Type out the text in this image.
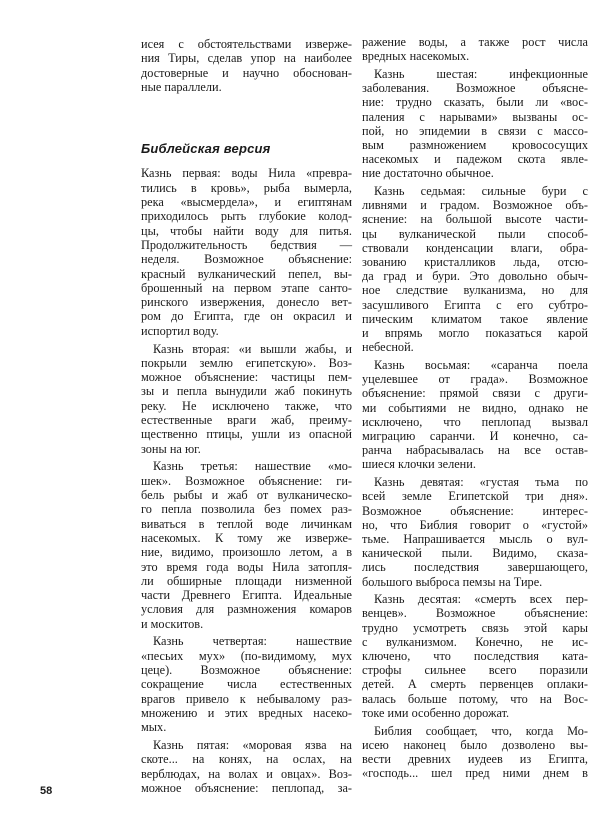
исея с обстоятельствами изверже-
ния Тиры, сделав упор на наиболее
достоверные и научно обоснован-
ные параллели.
Библейская версия
Казнь первая: воды Нила «превра-
тились в кровь», рыба вымерла,
река «высмердела», и египтянам
приходилось рыть глубокие колод-
цы, чтобы найти воду для питья.
Продолжительность бедствия —
неделя. Возможное объяснение:
красный вулканический пепел, вы-
брошенный на первом этапе санто-
ринского извержения, донесло вет-
ром до Египта, где он окрасил и
испортил воду.
Казнь вторая: «и вышли жабы, и
покрыли землю египетскую». Воз-
можное объяснение: частицы пем-
зы и пепла вынудили жаб покинуть
реку. Не исключено также, что
естественные враги жаб, преиму-
щественно птицы, ушли из опасной
зоны на юг.
Казнь третья: нашествие «мо-
шек». Возможное объяснение: ги-
бель рыбы и жаб от вулканическо-
го пепла позволила без помех раз-
виваться в теплой воде личинкам
насекомых. К тому же изверже-
ние, видимо, произошло летом, а в
это время года воды Нила затопля-
ли обширные площади низменной
части Древнего Египта. Идеальные
условия для размножения комаров
и москитов.
Казнь четвертая: нашествие
«песьих мух» (по-видимому, мух
цеце). Возможное объяснение:
сокращение числа естественных
врагов привело к небывалому раз-
множению и этих вредных насеко-
мых.
Казнь пятая: «моровая язва на
скоте... на конях, на ослах, на
верблюдах, на волах и овцах». Воз-
можное объяснение: пеплопад, за-
ражение воды, а также рост числа
вредных насекомых.
Казнь шестая: инфекционные
заболевания. Возможное объясне-
ние: трудно сказать, были ли «вос-
паления с нарывами» вызваны ос-
пой, но эпидемии в связи с массо-
вым размножением кровососущих
насекомых и падежом скота явле-
ние достаточно обычное.
Казнь седьмая: сильные бури с
ливнями и градом. Возможное объ-
яснение: на большой высоте части-
цы вулканической пыли способ-
ствовали конденсации влаги, обра-
зованию кристалликов льда, отсю-
да град и бури. Это довольно обыч-
ное следствие вулканизма, но для
засушливого Египта с его субтро-
пическим климатом такое явление
и впрямь могло показаться карой
небесной.
Казнь восьмая: «саранча поела
уцелевшее от града». Возможное
объяснение: прямой связи с други-
ми событиями не видно, однако не
исключено, что пеплопад вызвал
миграцию саранчи. И конечно, са-
ранча набрасывалась на все остав-
шиеся клочки зелени.
Казнь девятая: «густая тьма по
всей земле Египетской три дня».
Возможное объяснение: интерес-
но, что Библия говорит о «густой»
тьме. Напрашивается мысль о вул-
канической пыли. Видимо, сказа-
лись последствия завершающего,
большого выброса пемзы на Тире.
Казнь десятая: «смерть всех пер-
венцев». Возможное объяснение:
трудно усмотреть связь этой кары
с вулканизмом. Конечно, не ис-
ключено, что последствия ката-
строфы сильнее всего поразили
детей. А смерть первенцев оплаки-
валась больше потому, что на Вос-
токе ими особенно дорожат.
Библия сообщает, что, когда Мо-
исею наконец было дозволено вы-
вести древних иудеев из Египта,
«господь... шел пред ними днем в
58
